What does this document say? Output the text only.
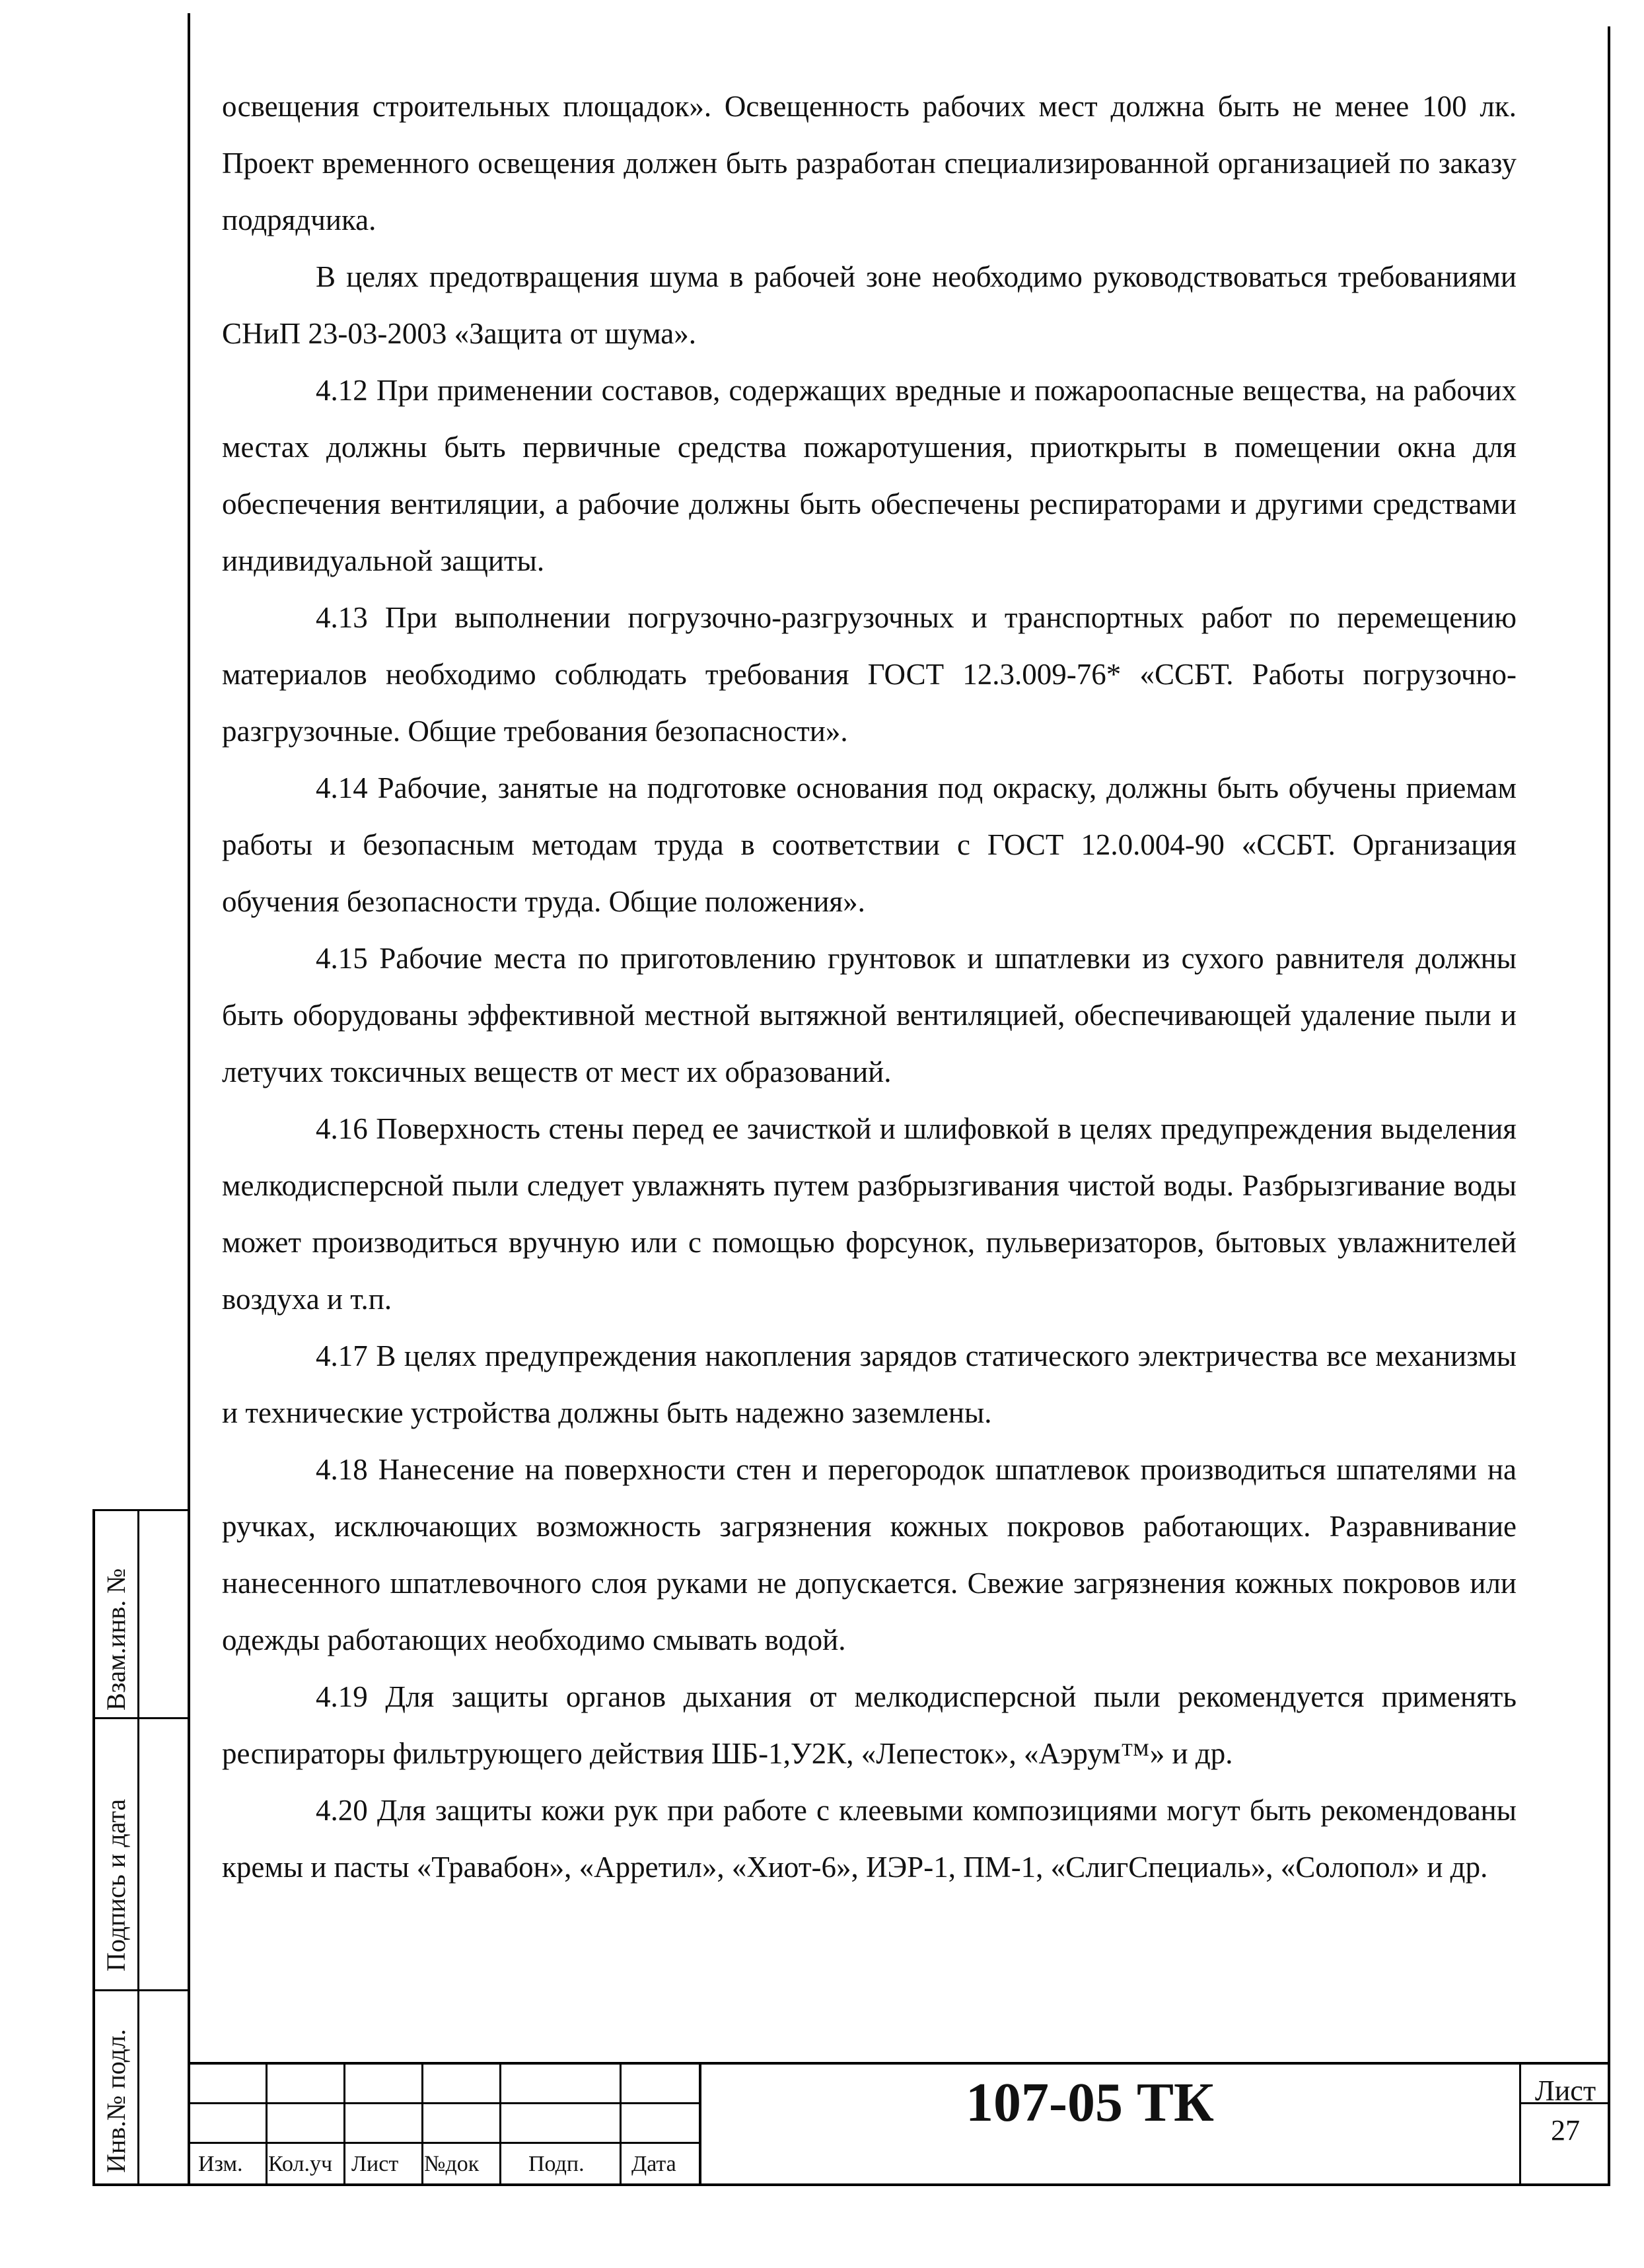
освещения строительных площадок». Освещенность рабочих мест должна быть не менее 100 лк. Проект временного освещения должен быть разработан специализированной организацией по заказу подрядчика.

В целях предотвращения шума в рабочей зоне необходимо руководствоваться требованиями СНиП 23-03-2003 «Защита от шума».

4.12 При применении составов, содержащих вредные и пожароопасные вещества, на рабочих местах должны быть первичные средства пожаротушения, приоткрыты в помещении окна для обеспечения вентиляции, а рабочие должны быть обеспечены респираторами и другими средствами индивидуальной защиты.

4.13 При выполнении погрузочно-разгрузочных и транспортных работ по перемещению материалов необходимо соблюдать требования ГОСТ 12.3.009-76* «ССБТ. Работы погрузочно-разгрузочные. Общие требования безопасности».

4.14 Рабочие, занятые на подготовке основания под окраску, должны быть обучены приемам работы и безопасным методам труда в соответствии с ГОСТ 12.0.004-90 «ССБТ. Организация обучения безопасности труда. Общие положения».

4.15 Рабочие места по приготовлению грунтовок и шпатлевки из сухого равнителя должны быть оборудованы эффективной местной вытяжной вентиляцией, обеспечивающей удаление пыли и летучих токсичных веществ от мест их образований.

4.16 Поверхность стены перед ее зачисткой и шлифовкой в целях предупреждения выделения мелкодисперсной пыли следует увлажнять путем разбрызгивания чистой воды. Разбрызгивание воды может производиться вручную или с помощью форсунок, пульверизаторов, бытовых увлажнителей воздуха и т.п.

4.17 В целях предупреждения накопления зарядов статического электричества все механизмы и технические устройства должны быть надежно заземлены.

4.18 Нанесение на поверхности стен и перегородок шпатлевок производиться шпателями на ручках, исключающих возможность загрязнения кожных покровов работающих. Разравнивание нанесенного шпатлевочного слоя руками не допускается. Свежие загрязнения кожных покровов или одежды работающих необходимо смывать водой.

4.19 Для защиты органов дыхания от мелкодисперсной пыли рекомендуется применять респираторы фильтрующего действия ШБ-1,У2К, «Лепесток», «Аэрум™» и др.

4.20 Для защиты кожи рук при работе с клеевыми композициями могут быть рекомендованы кремы и пасты «Травабон», «Арретил», «Хиот-6», ИЭР-1, ПМ-1, «СлигСпециаль», «Солопол» и др.

Взам.инв. №
Подпись и дата
Инв.№ подл.	Изм. Кол.уч Лист №док Подп. Дата
107-05 ТК	Лист
27
